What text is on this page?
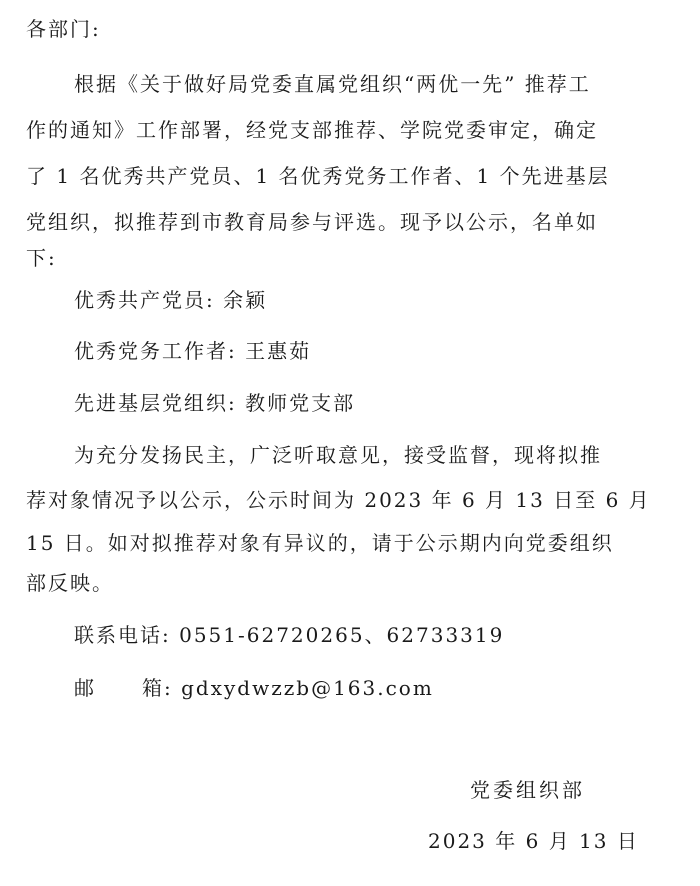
各部门:
根据《关于做好局党委直属党组织“两优一先” 推荐工
作的通知》工作部署，经党支部推荐、学院党委审定，确定
了 1 名优秀共产党员、1 名优秀党务工作者、1 个先进基层
党组织，拟推荐到市教育局参与评选。现予以公示，名单如
下:
优秀共产党员: 余颖
优秀党务工作者: 王惠茹
先进基层党组织: 教师党支部
为充分发扬民主，广泛听取意见，接受监督，现将拟推
荐对象情况予以公示，公示时间为 2023 年 6 月 13 日至 6 月
15 日。如对拟推荐对象有异议的，请于公示期内向党委组织
部反映。
联系电话: 0551-62720265、62733319
邮 箱: gdxydwzzb@163.com
党委组织部
2023 年 6 月 13 日
